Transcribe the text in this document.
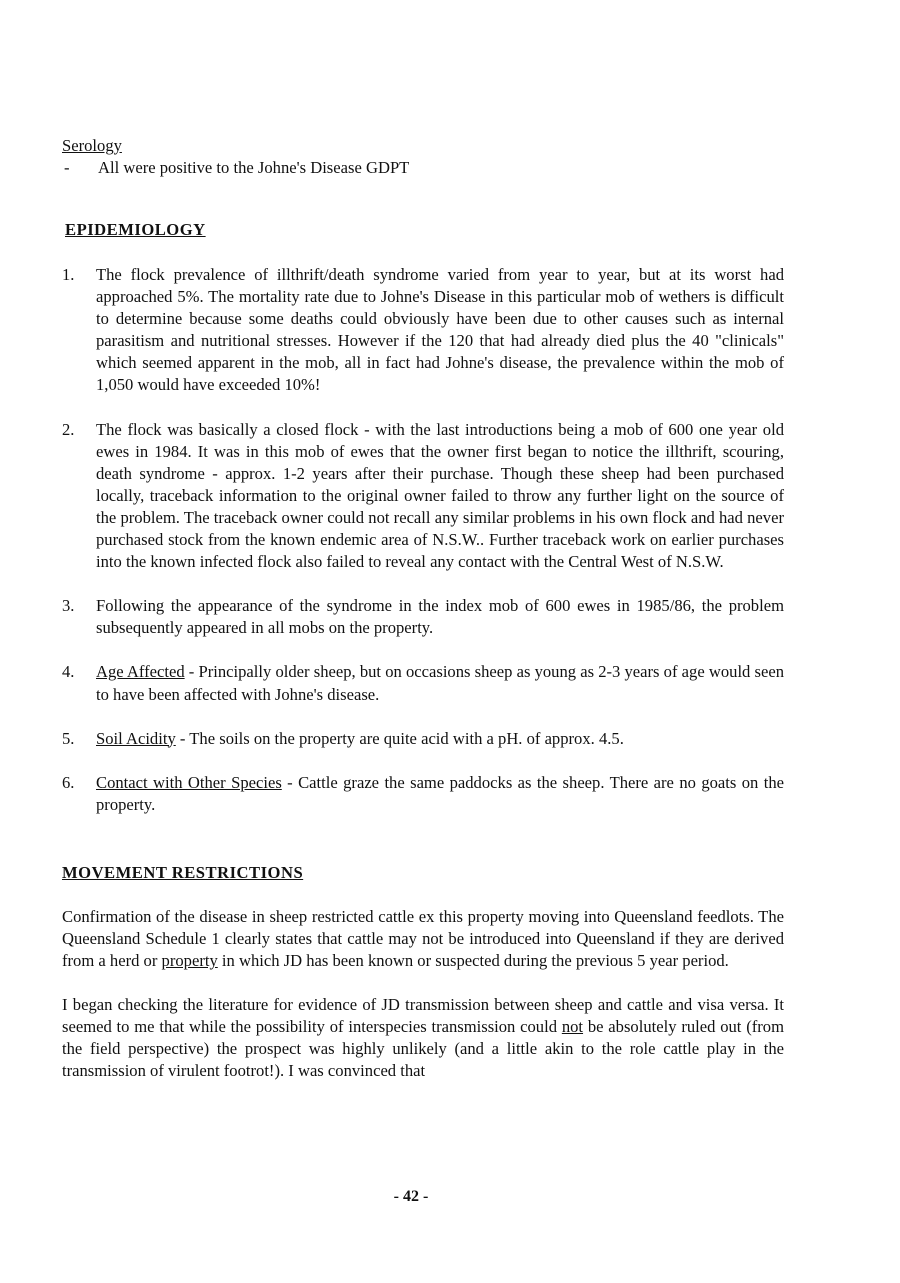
Serology

-	All were positive to the Johne's Disease GDPT
EPIDEMIOLOGY
1.	The flock prevalence of illthrift/death syndrome varied from year to year, but at its worst had approached 5%. The mortality rate due to Johne's Disease in this particular mob of wethers is difficult to determine because some deaths could obviously have been due to other causes such as internal parasitism and nutritional stresses. However if the 120 that had already died plus the 40 "clinicals" which seemed apparent in the mob, all in fact had Johne's disease, the prevalence within the mob of 1,050 would have exceeded 10%!
2.	The flock was basically a closed flock - with the last introductions being a mob of 600 one year old ewes in 1984. It was in this mob of ewes that the owner first began to notice the illthrift, scouring, death syndrome - approx. 1-2 years after their purchase. Though these sheep had been purchased locally, traceback information to the original owner failed to throw any further light on the source of the problem. The traceback owner could not recall any similar problems in his own flock and had never purchased stock from the known endemic area of N.S.W.. Further traceback work on earlier purchases into the known infected flock also failed to reveal any contact with the Central West of N.S.W.
3.	Following the appearance of the syndrome in the index mob of 600 ewes in 1985/86, the problem subsequently appeared in all mobs on the property.
4.	Age Affected - Principally older sheep, but on occasions sheep as young as 2-3 years of age would seen to have been affected with Johne's disease.
5.	Soil Acidity - The soils on the property are quite acid with a pH. of approx. 4.5.
6.	Contact with Other Species - Cattle graze the same paddocks as the sheep. There are no goats on the property.
MOVEMENT RESTRICTIONS
Confirmation of the disease in sheep restricted cattle ex this property moving into Queensland feedlots. The Queensland Schedule 1 clearly states that cattle may not be introduced into Queensland if they are derived from a herd or property in which JD has been known or suspected during the previous 5 year period.
I began checking the literature for evidence of JD transmission between sheep and cattle and visa versa. It seemed to me that while the possibility of interspecies transmission could not be absolutely ruled out (from the field perspective) the prospect was highly unlikely (and a little akin to the role cattle play in the transmission of virulent footrot!). I was convinced that
- 42 -
